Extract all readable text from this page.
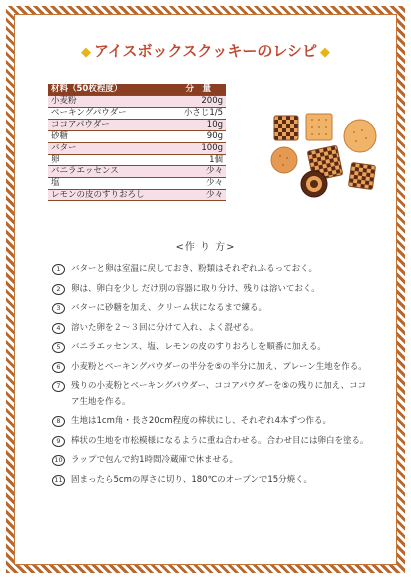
◆ アイスボックスクッキーのレシピ ◆
材料（50枚程度）	分　量
小麦粉	200g
ベーキングパウダー	小さじ1/5
ココアパウダー	10g
砂糖	90g
バター	100g
卵	1個
バニラエッセンス	少々
塩	少々
レモンの皮のすりおろし	少々
<作 り 方>
1	バターと卵は室温に戻しておき、粉類はそれぞれふるっておく。
2	卵は、卵白を少し だけ別の容器に取り分け、残りは溶いておく。
3	バターに砂糖を加え、クリーム状になるまで練る。
4	溶いた卵を２～３回に分けて入れ、よく混ぜる。
5	バニラエッセンス、塩、レモンの皮のすりおろしを順番に加える。
6	小麦粉とベーキングパウダーの半分を⑤の半分に加え、プレーン生地を作る。
7	残りの小麦粉とベーキングパウダー、ココアパウダーを⑤の残りに加え、ココア生地を作る。
8	生地は1cm角・長さ20cm程度の棒状にし、それぞれ4本ずつ作る。
9	棒状の生地を市松模様になるように重ね合わせる。合わせ目には卵白を塗る。
10 ラップで包んで約1時間冷蔵庫で休ませる。
11 固まったら5cmの厚さに切り、180℃のオーブンで15分焼く。
